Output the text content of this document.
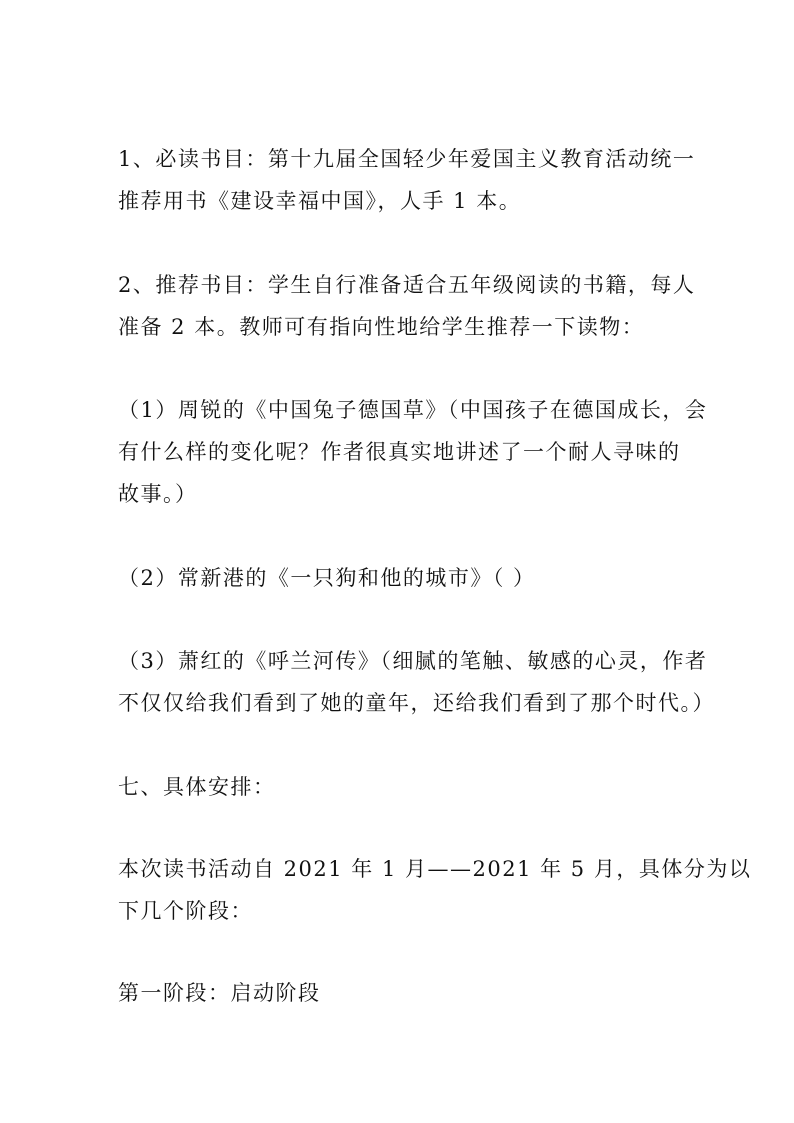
1、必读书目：第十九届全国轻少年爱国主义教育活动统一
推荐用书《建设幸福中国》，人手 1 本。

2、推荐书目：学生自行准备适合五年级阅读的书籍，每人
准备 2 本。教师可有指向性地给学生推荐一下读物：

（1）周锐的《中国兔子德国草》（中国孩子在德国成长，会
有什么样的变化呢？作者很真实地讲述了一个耐人寻味的
故事。）

（2）常新港的《一只狗和他的城市》（ ）

（3）萧红的《呼兰河传》（细腻的笔触、敏感的心灵，作者
不仅仅给我们看到了她的童年，还给我们看到了那个时代。）

七、具体安排：

本次读书活动自 2021 年 1 月——2021 年 5 月，具体分为以
下几个阶段：

第一阶段：启动阶段
